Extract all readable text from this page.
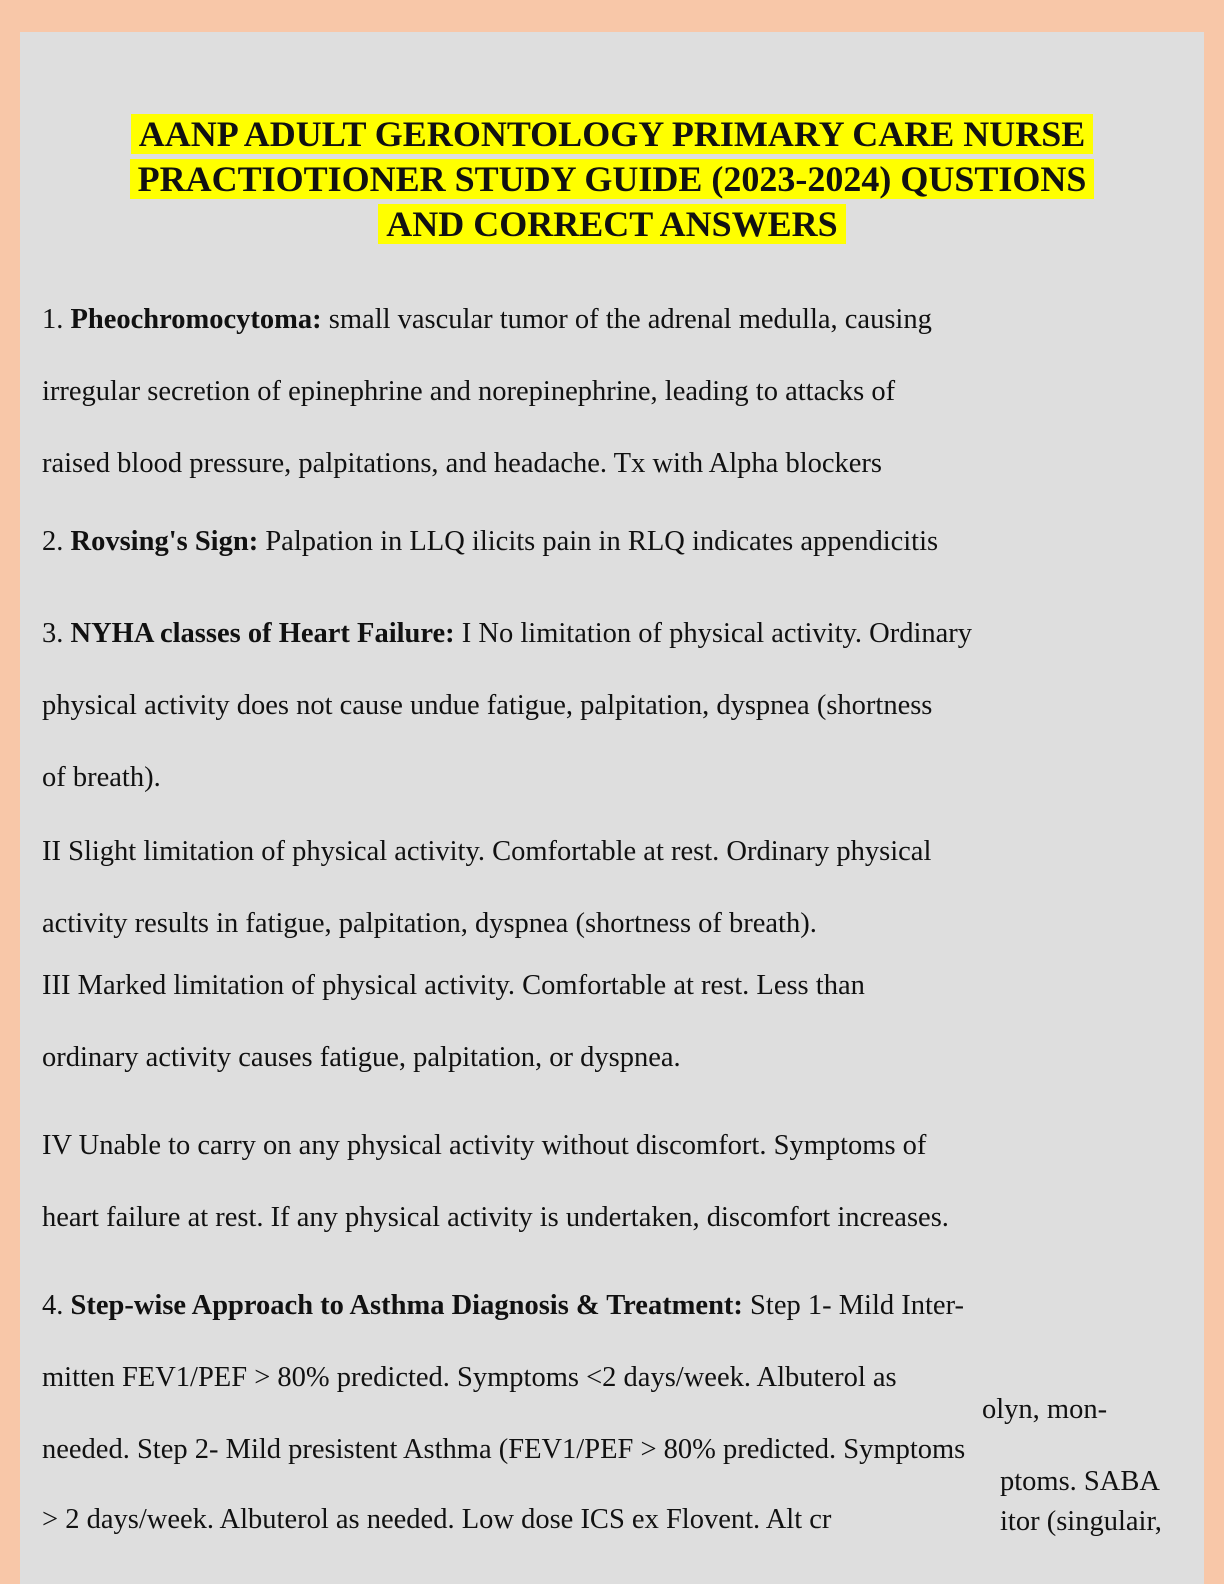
AANP ADULT GERONTOLOGY PRIMARY CARE NURSE
PRACTIOTIONER STUDY GUIDE (2023-2024) QUSTIONS
AND CORRECT ANSWERS
1. Pheochromocytoma: small vascular tumor of the adrenal medulla, causing
irregular secretion of epinephrine and norepinephrine, leading to attacks of
raised blood pressure, palpitations, and headache. Tx with Alpha blockers
2. Rovsing's Sign: Palpation in LLQ ilicits pain in RLQ indicates appendicitis
3. NYHA classes of Heart Failure: I No limitation of physical activity. Ordinary
physical activity does not cause undue fatigue, palpitation, dyspnea (shortness
of breath).
II Slight limitation of physical activity. Comfortable at rest. Ordinary physical
activity results in fatigue, palpitation, dyspnea (shortness of breath).
III Marked limitation of physical activity. Comfortable at rest. Less than
ordinary activity causes fatigue, palpitation, or dyspnea.
IV Unable to carry on any physical activity without discomfort. Symptoms of
heart failure at rest. If any physical activity is undertaken, discomfort increases.
4. Step-wise Approach to Asthma Diagnosis & Treatment: Step 1- Mild Inter-
mitten FEV1/PEF > 80% predicted. Symptoms <2 days/week. Albuterol as
needed. Step 2- Mild presistent Asthma (FEV1/PEF > 80% predicted. Symptoms
> 2 days/week. Albuterol as needed. Low dose ICS ex Flovent. Alt cr
olyn, mon-
ptoms. SABA
itor (singulair,
